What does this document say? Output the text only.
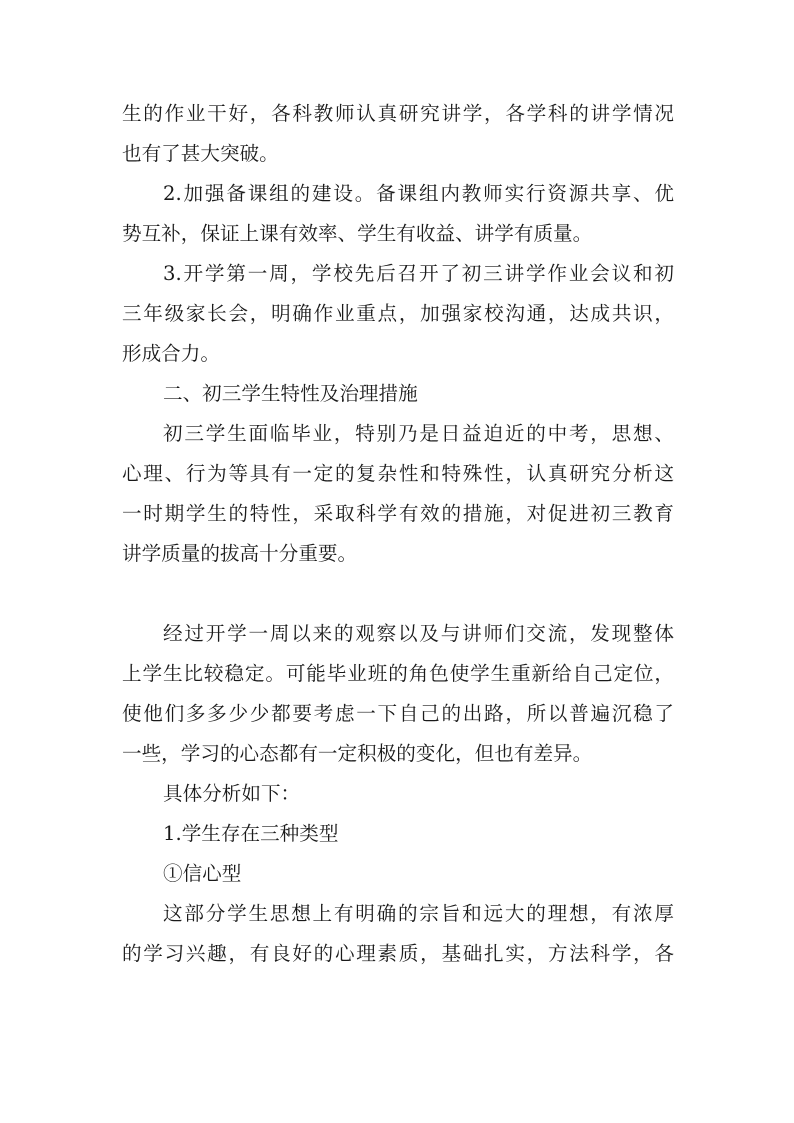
生的作业干好，各科教师认真研究讲学，各学科的讲学情况
也有了甚大突破。
2.加强备课组的建设。备课组内教师实行资源共享、优
势互补，保证上课有效率、学生有收益、讲学有质量。
3.开学第一周，学校先后召开了初三讲学作业会议和初
三年级家长会，明确作业重点，加强家校沟通，达成共识，
形成合力。
二、初三学生特性及治理措施
初三学生面临毕业，特别乃是日益迫近的中考，思想、
心理、行为等具有一定的复杂性和特殊性，认真研究分析这
一时期学生的特性，采取科学有效的措施，对促进初三教育
讲学质量的拔高十分重要。
经过开学一周以来的观察以及与讲师们交流，发现整体
上学生比较稳定。可能毕业班的角色使学生重新给自己定位，
使他们多多少少都要考虑一下自己的出路，所以普遍沉稳了
一些，学习的心态都有一定积极的变化，但也有差异。
具体分析如下：
1.学生存在三种类型
①信心型
这部分学生思想上有明确的宗旨和远大的理想，有浓厚
的学习兴趣，有良好的心理素质，基础扎实，方法科学，各
